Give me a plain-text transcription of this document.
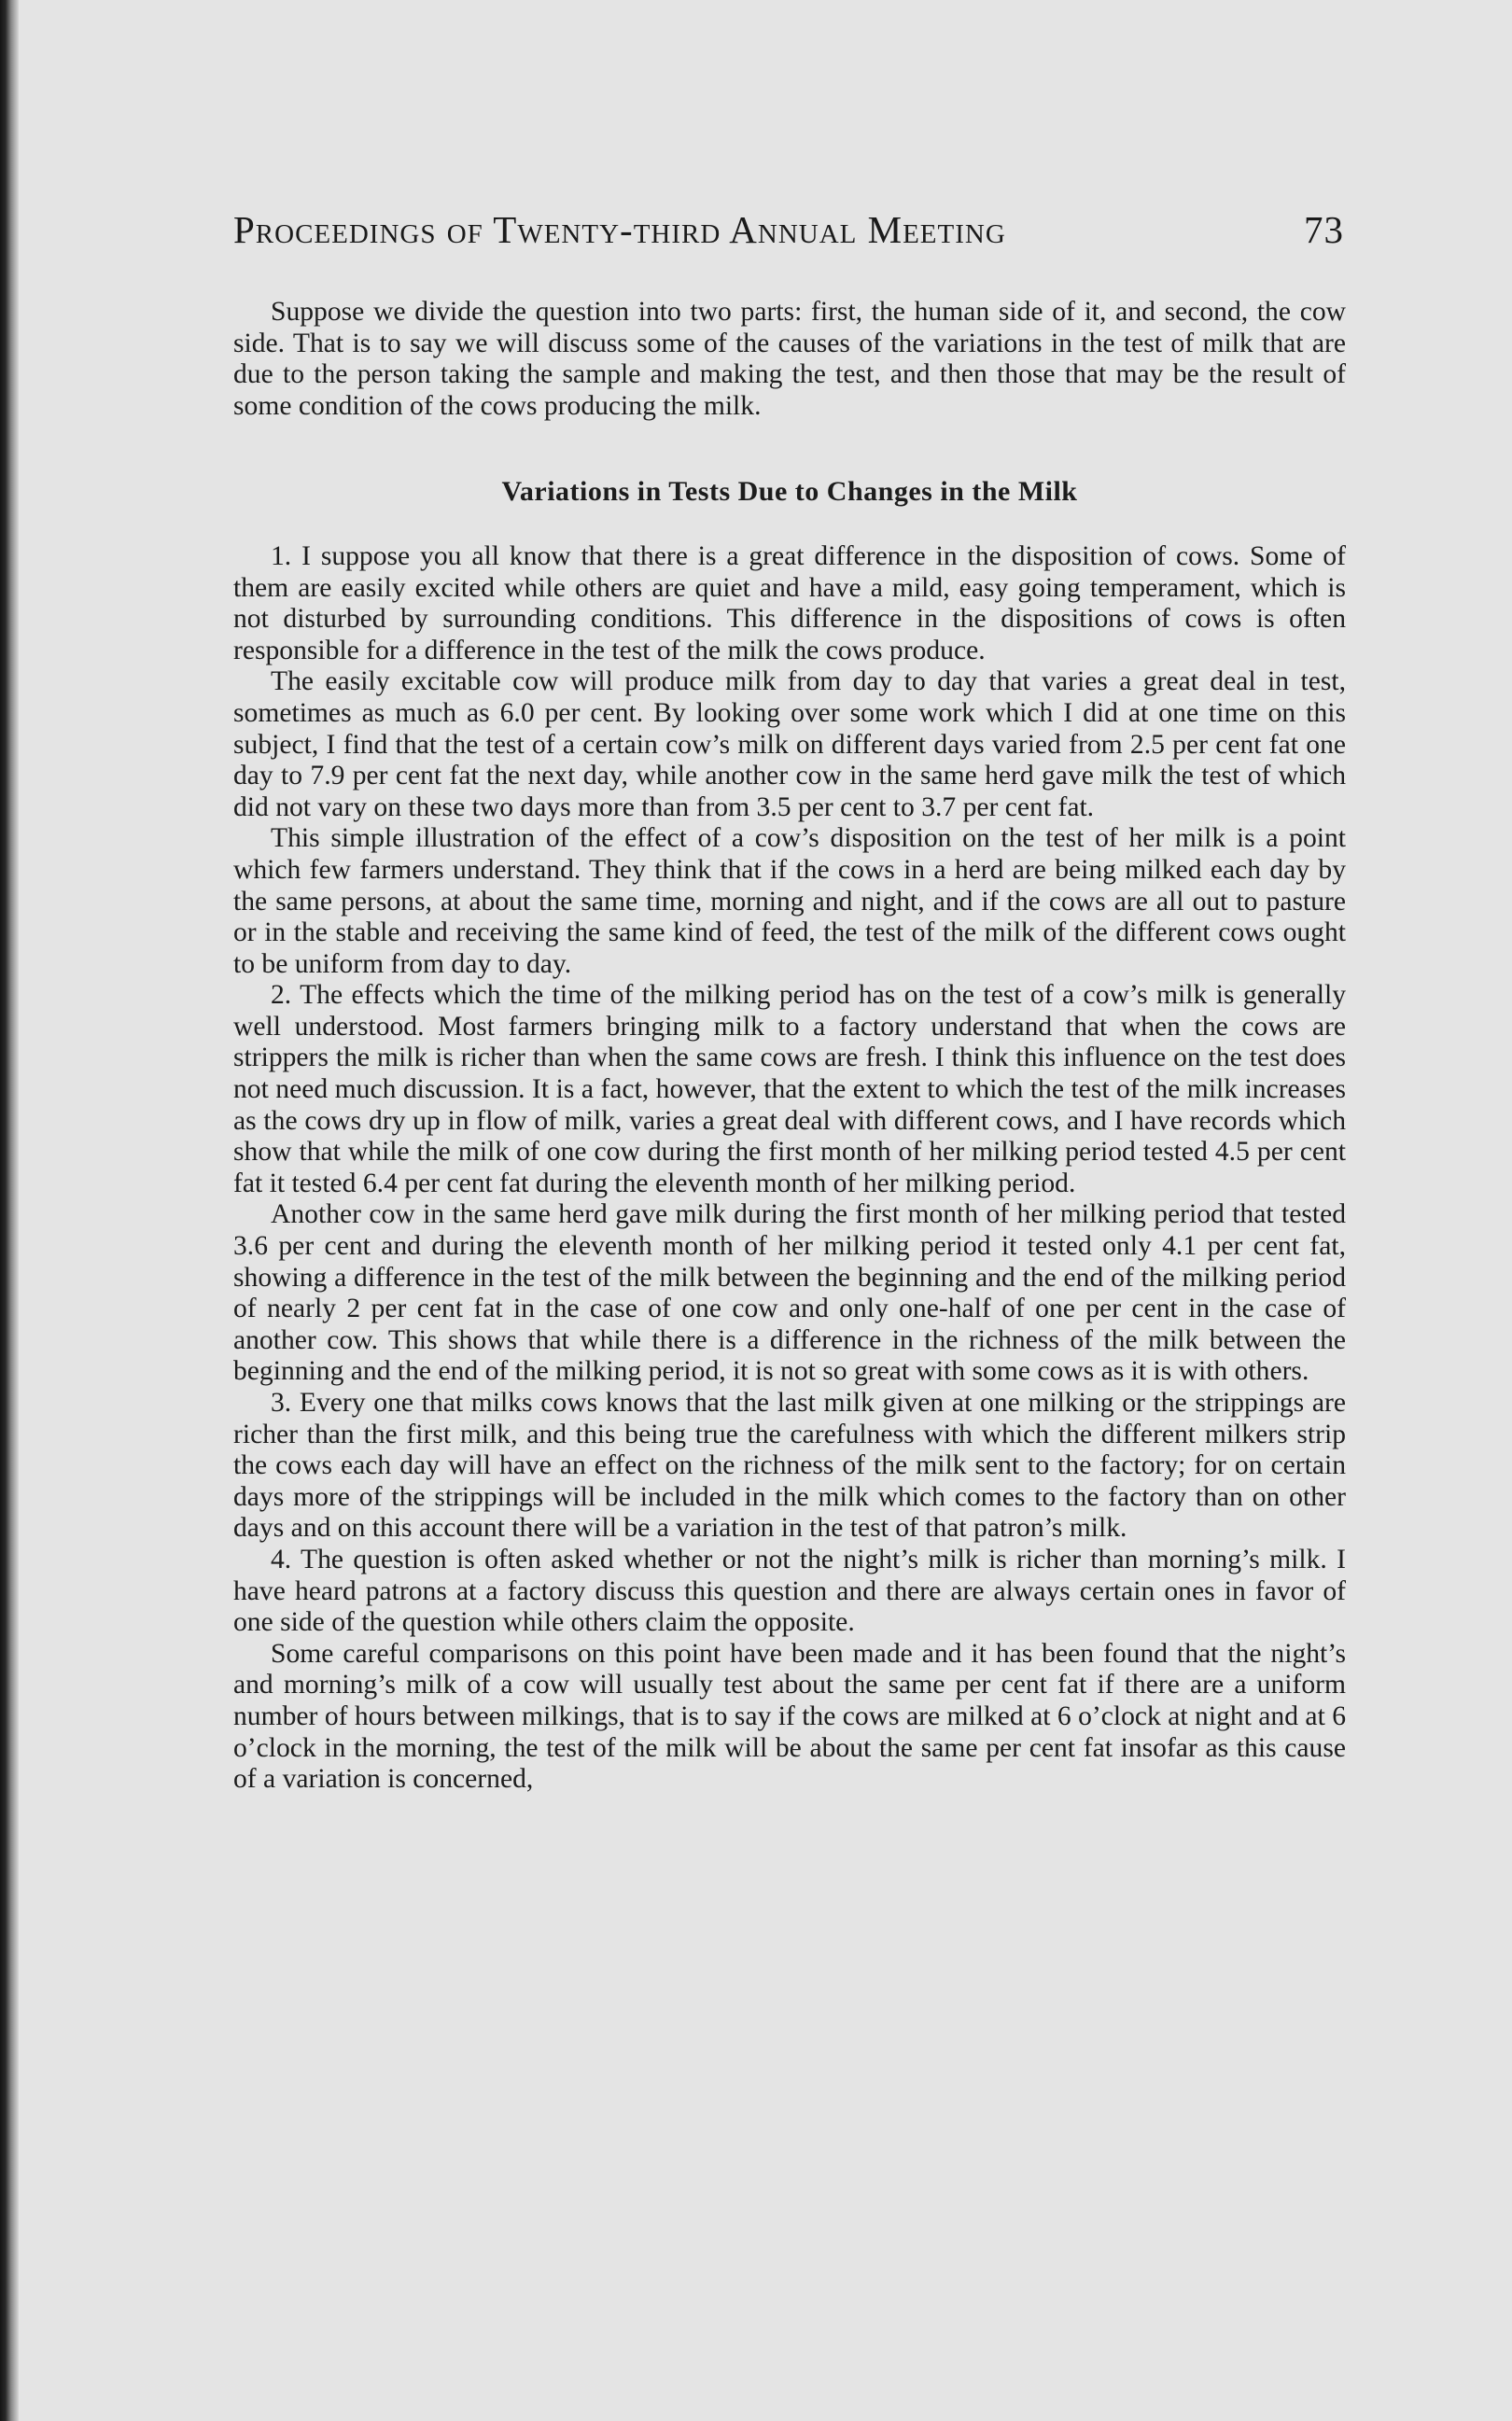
Proceedings of Twenty-third Annual Meeting	73

Suppose we divide the question into two parts: first, the human side of it, and second, the cow side. That is to say we will discuss some of the causes of the variations in the test of milk that are due to the person taking the sample and making the test, and then those that may be the result of some condition of the cows producing the milk.

Variations in Tests Due to Changes in the Milk

1. I suppose you all know that there is a great difference in the disposition of cows. Some of them are easily excited while others are quiet and have a mild, easy going temperament, which is not disturbed by surrounding conditions. This difference in the dispositions of cows is often responsible for a difference in the test of the milk the cows produce.

The easily excitable cow will produce milk from day to day that varies a great deal in test, sometimes as much as 6.0 per cent. By looking over some work which I did at one time on this subject, I find that the test of a certain cow’s milk on different days varied from 2.5 per cent fat one day to 7.9 per cent fat the next day, while another cow in the same herd gave milk the test of which did not vary on these two days more than from 3.5 per cent to 3.7 per cent fat.

This simple illustration of the effect of a cow’s disposition on the test of her milk is a point which few farmers understand. They think that if the cows in a herd are being milked each day by the same persons, at about the same time, morning and night, and if the cows are all out to pasture or in the stable and receiving the same kind of feed, the test of the milk of the different cows ought to be uniform from day to day.

2. The effects which the time of the milking period has on the test of a cow’s milk is generally well understood. Most farmers bringing milk to a factory understand that when the cows are strippers the milk is richer than when the same cows are fresh. I think this influence on the test does not need much discussion. It is a fact, however, that the extent to which the test of the milk increases as the cows dry up in flow of milk, varies a great deal with different cows, and I have records which show that while the milk of one cow during the first month of her milking period tested 4.5 per cent fat it tested 6.4 per cent fat during the eleventh month of her milking period.

Another cow in the same herd gave milk during the first month of her milking period that tested 3.6 per cent and during the eleventh month of her milking period it tested only 4.1 per cent fat, showing a difference in the test of the milk between the beginning and the end of the milking period of nearly 2 per cent fat in the case of one cow and only one-half of one per cent in the case of another cow. This shows that while there is a difference in the richness of the milk between the beginning and the end of the milking period, it is not so great with some cows as it is with others.

3. Every one that milks cows knows that the last milk given at one milking or the strippings are richer than the first milk, and this being true the carefulness with which the different milkers strip the cows each day will have an effect on the richness of the milk sent to the factory; for on certain days more of the strippings will be included in the milk which comes to the factory than on other days and on this account there will be a variation in the test of that patron’s milk.

4. The question is often asked whether or not the night’s milk is richer than morning’s milk. I have heard patrons at a factory discuss this question and there are always certain ones in favor of one side of the question while others claim the opposite.

Some careful comparisons on this point have been made and it has been found that the night’s and morning’s milk of a cow will usually test about the same per cent fat if there are a uniform number of hours between milkings, that is to say if the cows are milked at 6 o’clock at night and at 6 o’clock in the morning, the test of the milk will be about the same per cent fat insofar as this cause of a variation is concerned,
